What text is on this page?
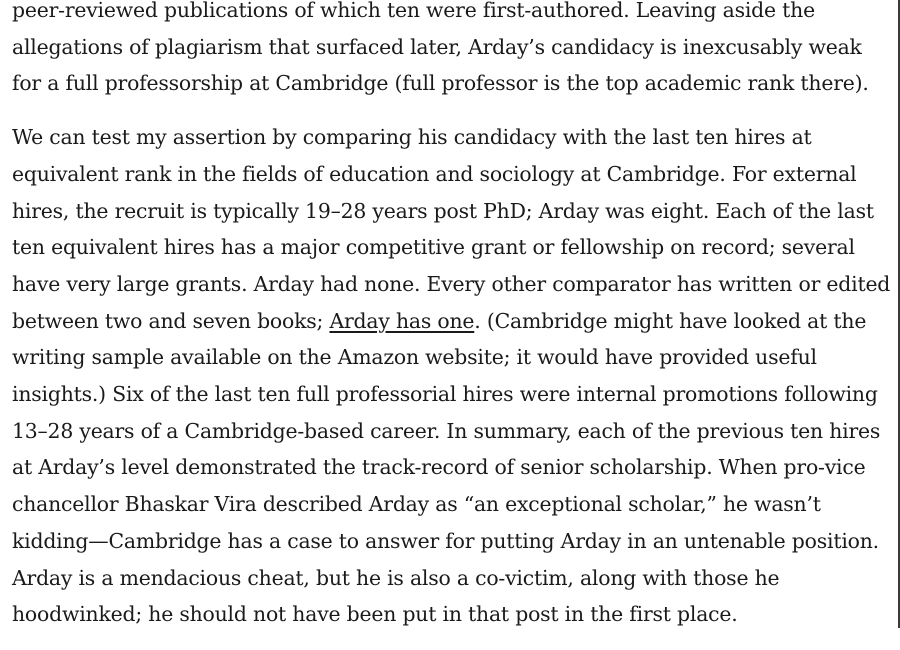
peer-reviewed publications of which ten were first-authored. Leaving aside the allegations of plagiarism that surfaced later, Arday’s candidacy is inexcusably weak for a full professorship at Cambridge (full professor is the top academic rank there).

We can test my assertion by comparing his candidacy with the last ten hires at equivalent rank in the fields of education and sociology at Cambridge. For external hires, the recruit is typically 19–28 years post PhD; Arday was eight. Each of the last ten equivalent hires has a major competitive grant or fellowship on record; several have very large grants. Arday had none. Every other comparator has written or edited between two and seven books; Arday has one. (Cambridge might have looked at the writing sample available on the Amazon website; it would have provided useful insights.) Six of the last ten full professorial hires were internal promotions following 13–28 years of a Cambridge-based career. In summary, each of the previous ten hires at Arday’s level demonstrated the track-record of senior scholarship. When pro-vice chancellor Bhaskar Vira described Arday as “an exceptional scholar,” he wasn’t kidding—Cambridge has a case to answer for putting Arday in an untenable position. Arday is a mendacious cheat, but he is also a co-victim, along with those he hoodwinked; he should not have been put in that post in the first place.
